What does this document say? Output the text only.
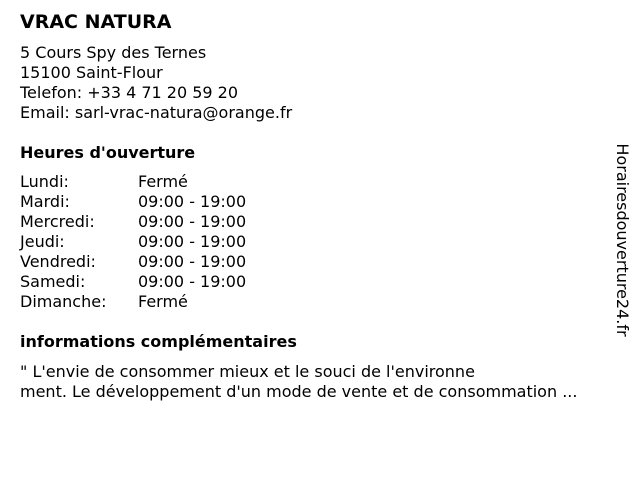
VRAC NATURA
5 Cours Spy des Ternes
15100 Saint-Flour
Telefon: +33 4 71 20 59 20
Email: sarl-vrac-natura@orange.fr
Heures d'ouverture
Lundi:	Fermé
Mardi:	09:00 - 19:00
Mercredi:	09:00 - 19:00
Jeudi:	09:00 - 19:00
Vendredi:	09:00 - 19:00
Samedi:	09:00 - 19:00
Dimanche:	Fermé
informations complémentaires
" L'envie de consommer mieux et le souci de l'environne
ment. Le développement d'un mode de vente et de consommation ...
Horairesdouverture24.fr
